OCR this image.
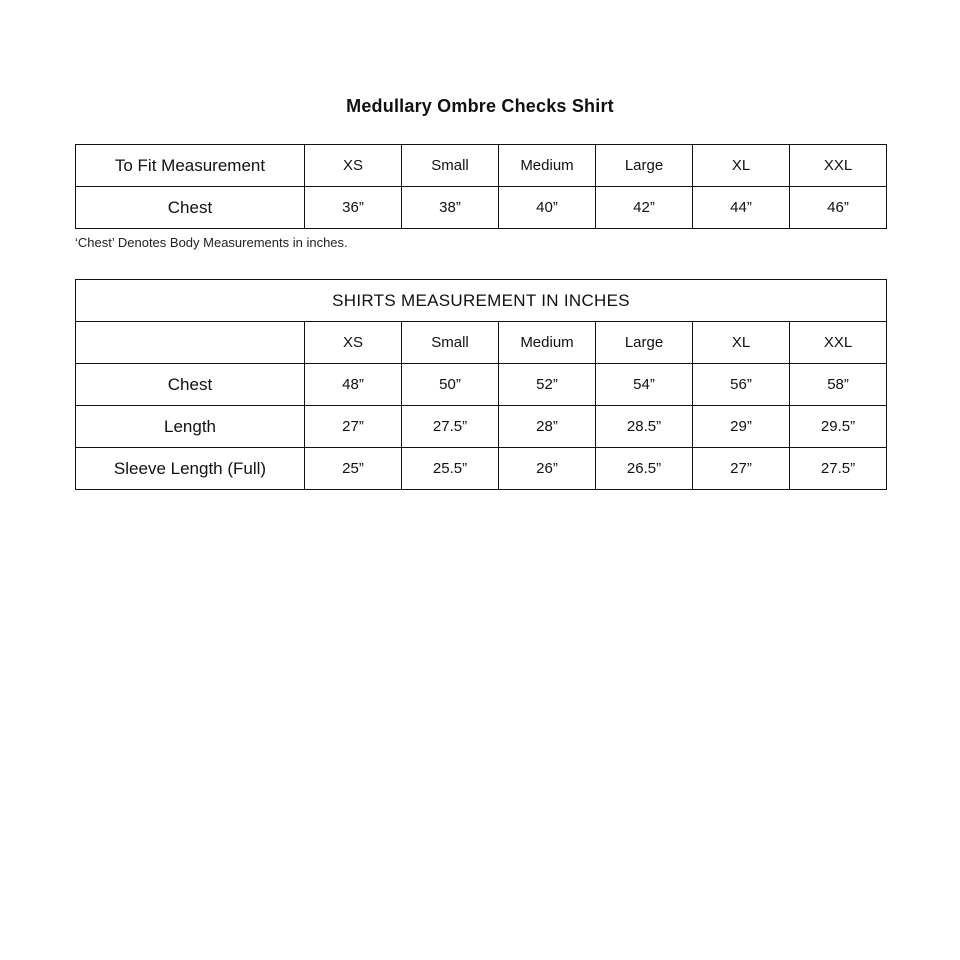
Medullary Ombre Checks Shirt
To Fit Measurement	XS	Small	Medium	Large	XL	XXL
Chest	36”	38”	40”	42”	44”	46”
‘Chest’ Denotes Body Measurements in inches.
SHIRTS MEASUREMENT IN INCHES						
	XS	Small	Medium	Large	XL	XXL
Chest	48”	50”	52”	54”	56”	58”
Length	27”	27.5”	28”	28.5”	29”	29.5”
Sleeve Length (Full)	25”	25.5”	26”	26.5”	27”	27.5”
